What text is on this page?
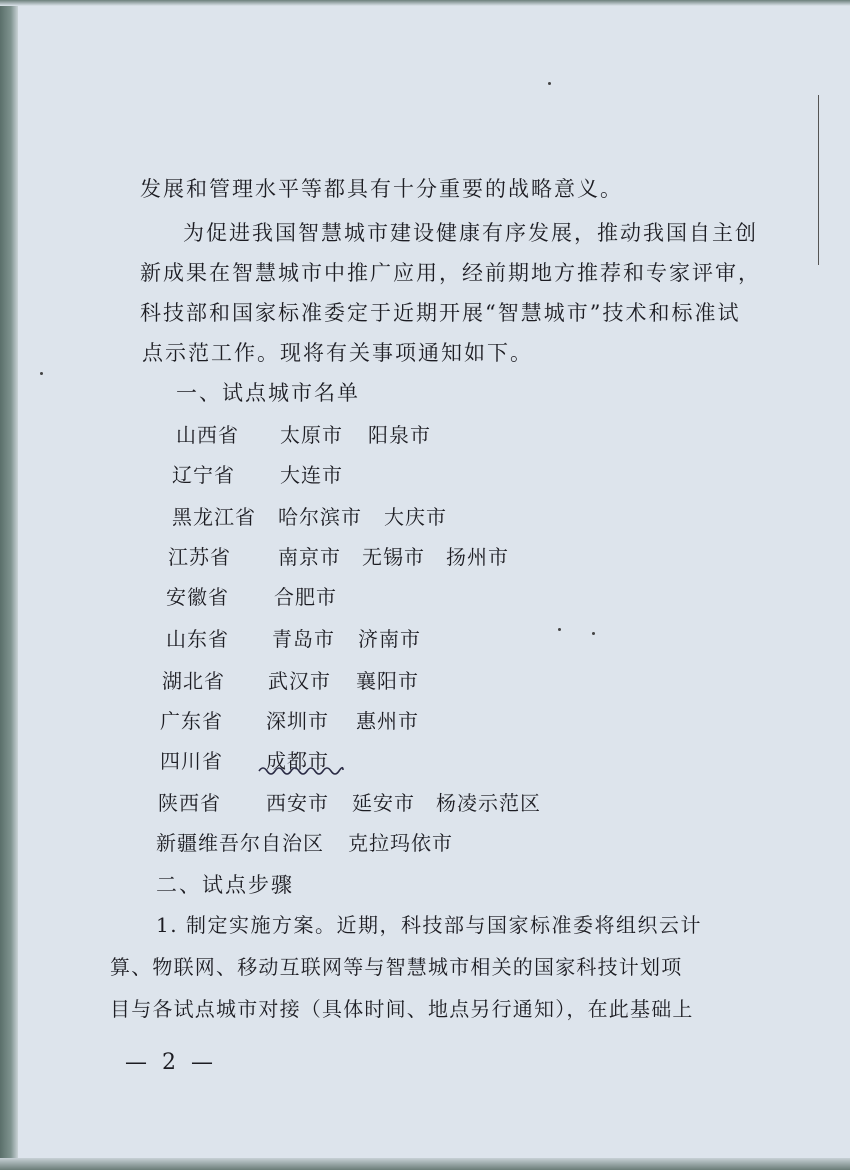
发展和管理水平等都具有十分重要的战略意义。
为促进我国智慧城市建设健康有序发展，推动我国自主创
新成果在智慧城市中推广应用，经前期地方推荐和专家评审，
科技部和国家标准委定于近期开展“智慧城市”技术和标准试
点示范工作。现将有关事项通知如下。
一、试点城市名单
山西省 太原市 阳泉市
辽宁省 大连市
黑龙江省 哈尔滨市 大庆市
江苏省 南京市 无锡市 扬州市
安徽省 合肥市
山东省 青岛市 济南市
湖北省 武汉市 襄阳市
广东省 深圳市 惠州市
四川省 成都市
陕西省 西安市 延安市 杨凌示范区
新疆维吾尔自治区 克拉玛依市
二、试点步骤
1. 制定实施方案。近期，科技部与国家标准委将组织云计
算、物联网、移动互联网等与智慧城市相关的国家科技计划项
目与各试点城市对接（具体时间、地点另行通知），在此基础上
— 2 —
